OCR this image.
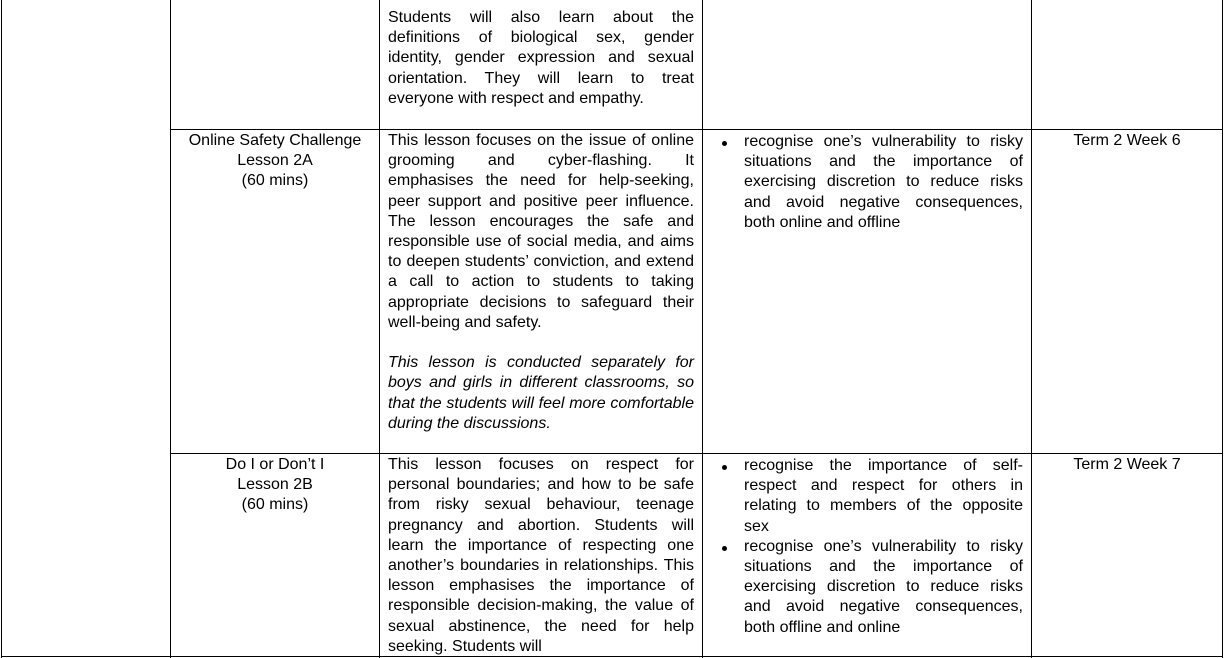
Students will also learn about the definitions of biological sex, gender identity, gender expression and sexual orientation. They will learn to treat everyone with respect and empathy.

Online Safety Challenge
Lesson 2A
(60 mins)

This lesson focuses on the issue of online grooming and cyber-flashing. It emphasises the need for help-seeking, peer support and positive peer influence. The lesson encourages the safe and responsible use of social media, and aims to deepen students’ conviction, and extend a call to action to students to taking appropriate decisions to safeguard their well-being and safety.

This lesson is conducted separately for boys and girls in different classrooms, so that the students will feel more comfortable during the discussions.

recognise one’s vulnerability to risky situations and the importance of exercising discretion to reduce risks and avoid negative consequences, both online and offline
Term 2 Week 6
Do I or Don’t I
Lesson 2B
(60 mins)

This lesson focuses on respect for personal boundaries; and how to be safe from risky sexual behaviour, teenage pregnancy and abortion. Students will learn the importance of respecting one another’s boundaries in relationships. This lesson emphasises the importance of responsible decision-making, the value of sexual abstinence, the need for help seeking. Students will

recognise the importance of self-respect and respect for others in relating to members of the opposite sex
recognise one’s vulnerability to risky situations and the importance of exercising discretion to reduce risks and avoid negative consequences, both offline and online
Term 2 Week 7
